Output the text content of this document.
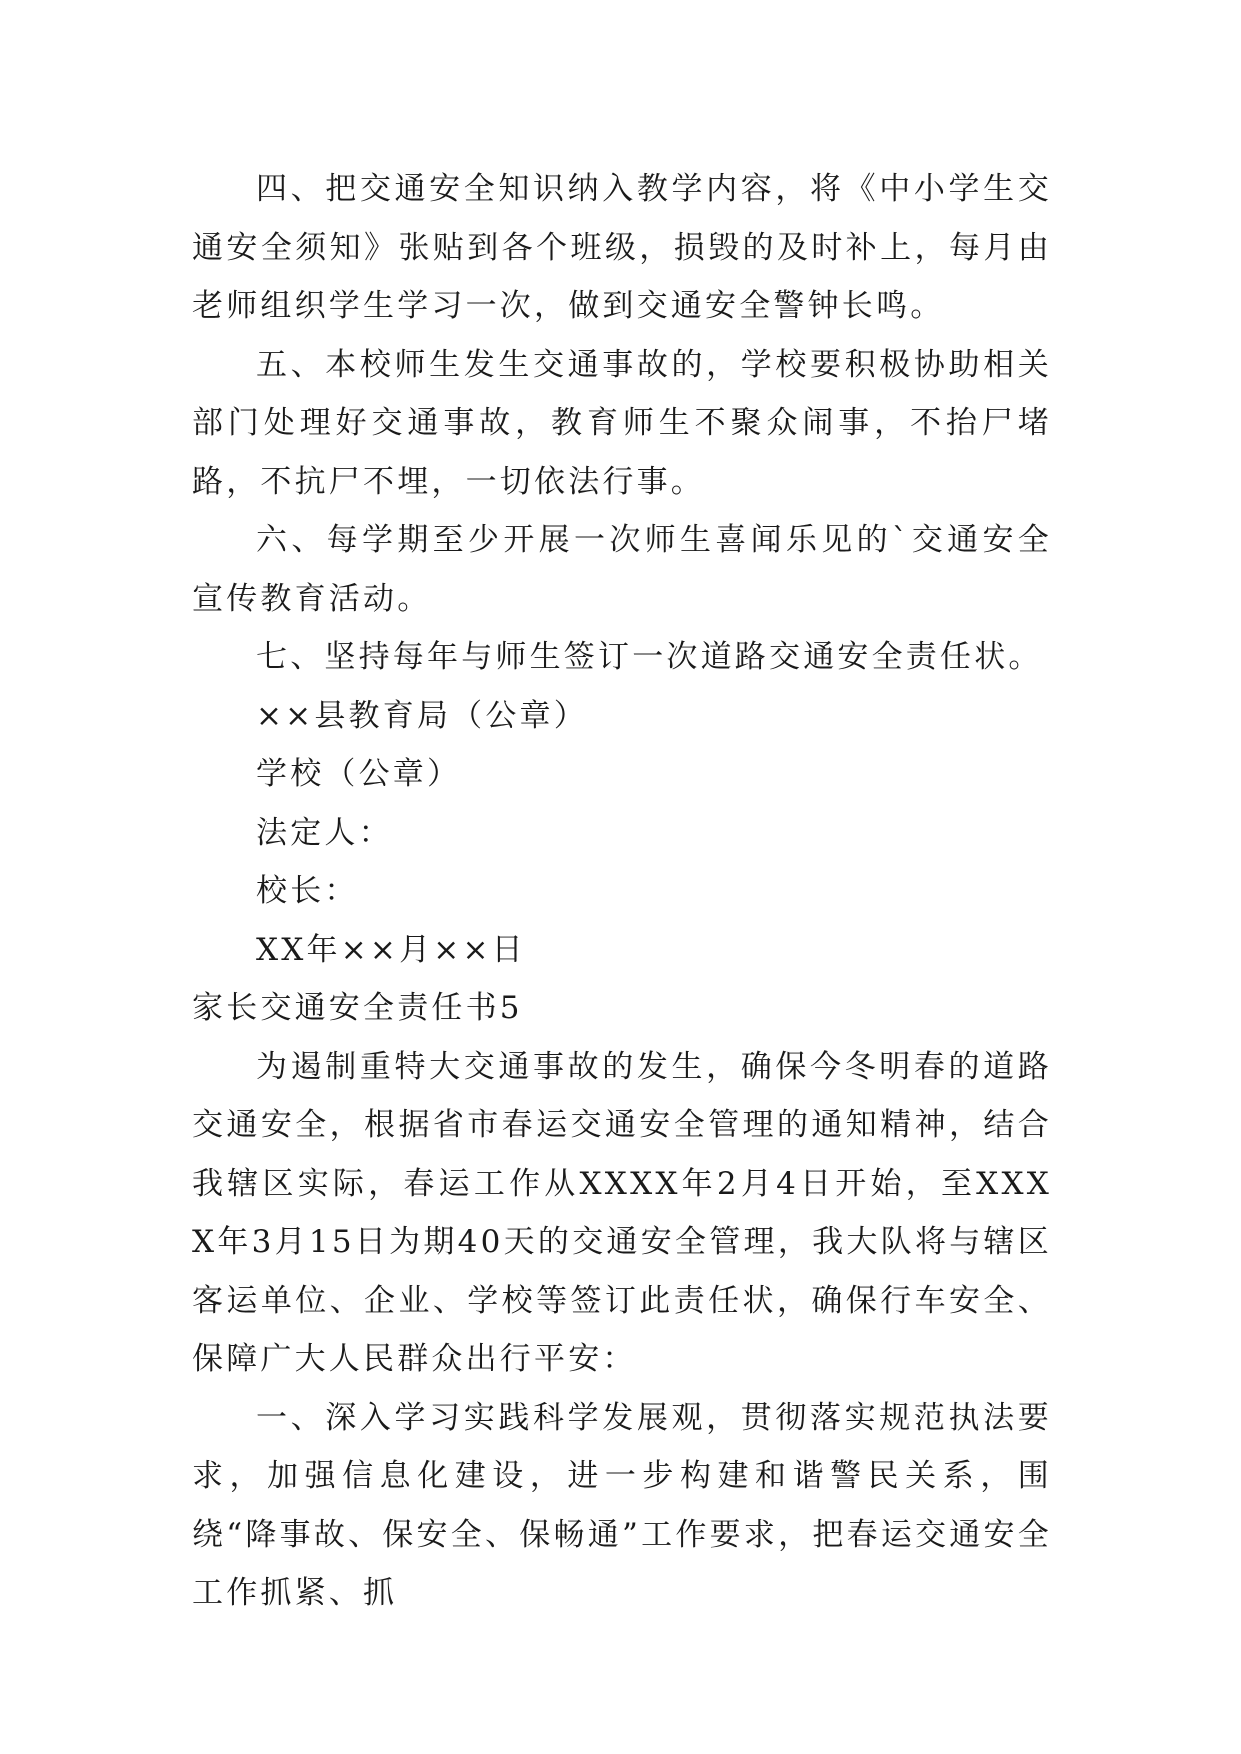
四、把交通安全知识纳入教学内容，将《中小学生交通安全须知》张贴到各个班级，损毁的及时补上，每月由老师组织学生学习一次，做到交通安全警钟长鸣。

五、本校师生发生交通事故的，学校要积极协助相关部门处理好交通事故，教育师生不聚众闹事，不抬尸堵路，不抗尸不埋，一切依法行事。

六、每学期至少开展一次师生喜闻乐见的`交通安全宣传教育活动。

七、坚持每年与师生签订一次道路交通安全责任状。

××县教育局（公章）

学校（公章）

法定人：

校长：

XX年××月××日

家长交通安全责任书5

为遏制重特大交通事故的发生，确保今冬明春的道路交通安全，根据省市春运交通安全管理的通知精神，结合我辖区实际，春运工作从XXXX年2月4日开始，至XXXX年3月15日为期40天的交通安全管理，我大队将与辖区客运单位、企业、学校等签订此责任状，确保行车安全、保障广大人民群众出行平安：

一、深入学习实践科学发展观，贯彻落实规范执法要求，加强信息化建设，进一步构建和谐警民关系，围绕“降事故、保安全、保畅通”工作要求，把春运交通安全工作抓紧、抓
